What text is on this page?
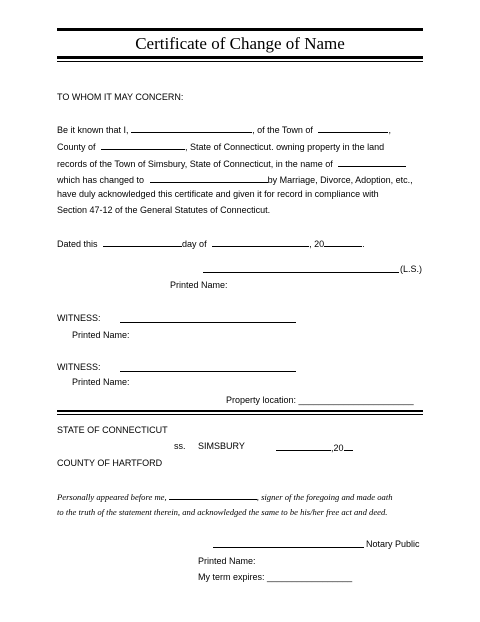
Certificate of Change of Name
TO WHOM IT MAY CONCERN:
Be it known that I,	, of the Town of	,
County of	, State of Connecticut. owning property in the land
records of the Town of Simsbury, State of Connecticut, in the name of
which has changed to	by Marriage, Divorce, Adoption, etc.,
have duly acknowledged this certificate and given it for record in compliance with
Section 47-12 of the General Statutes of Connecticut.
Dated this	day of	, 20	.
(L.S.)
Printed Name:
WITNESS:
Printed Name:
WITNESS:
Printed Name:
Property location: _______________________
STATE OF CONNECTICUT
ss. SIMSBURY	,20
COUNTY OF HARTFORD
Personally appeared before me,	, signer of the foregoing and made oath
to the truth of the statement therein, and acknowledged the same to be his/her free act and deed.
Notary Public
Printed Name:
My term expires: _________________
